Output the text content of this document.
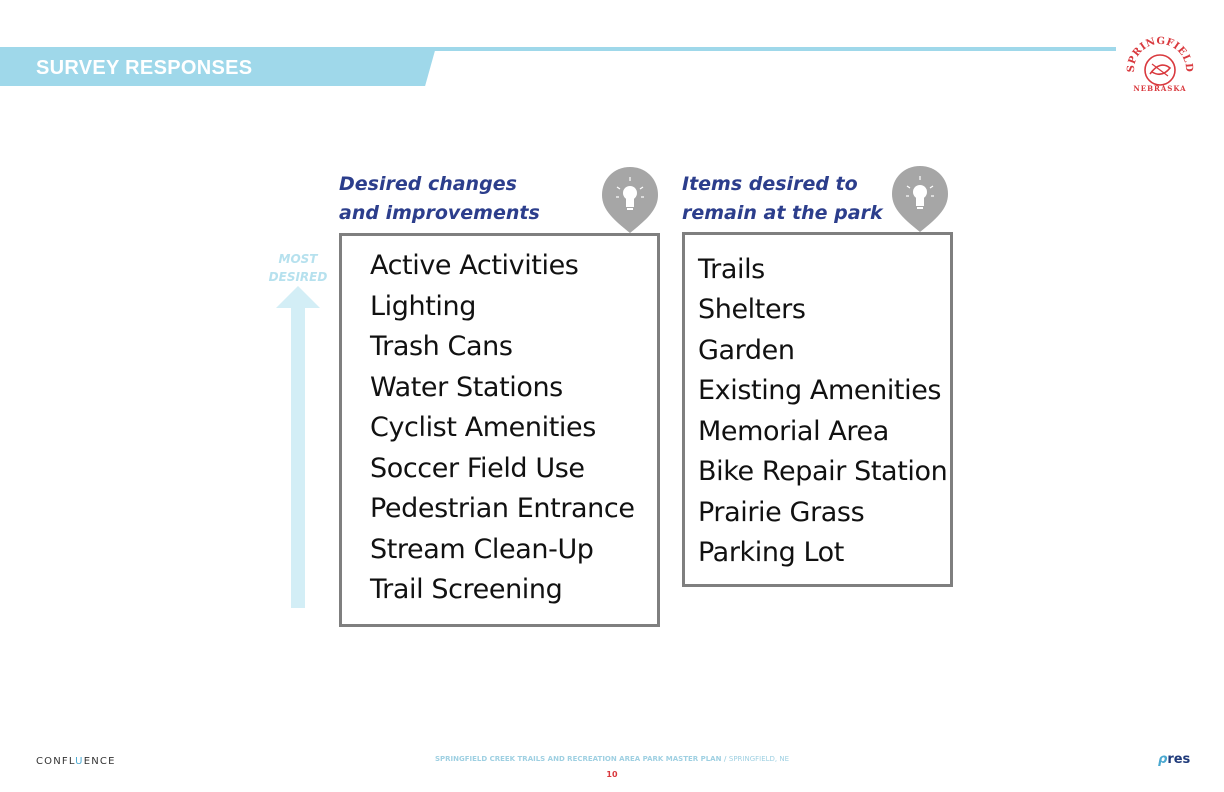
SURVEY RESPONSES	SPRINGFIELD
NEBRASKA
MOST
DESIRED
Desired changes
and improvements
Active Activities
Lighting
Trash Cans
Water Stations
Cyclist Amenities
Soccer Field Use
Pedestrian Entrance
Stream Clean-Up
Trail Screening
Items desired to
remain at the park
Trails
Shelters
Garden
Existing Amenities
Memorial Area
Bike Repair Station
Prairie Grass
Parking Lot
CONFLUENCE	SPRINGFIELD CREEK TRAILS AND RECREATION AREA PARK MASTER PLAN / SPRINGFIELD, NE
10
ρres
